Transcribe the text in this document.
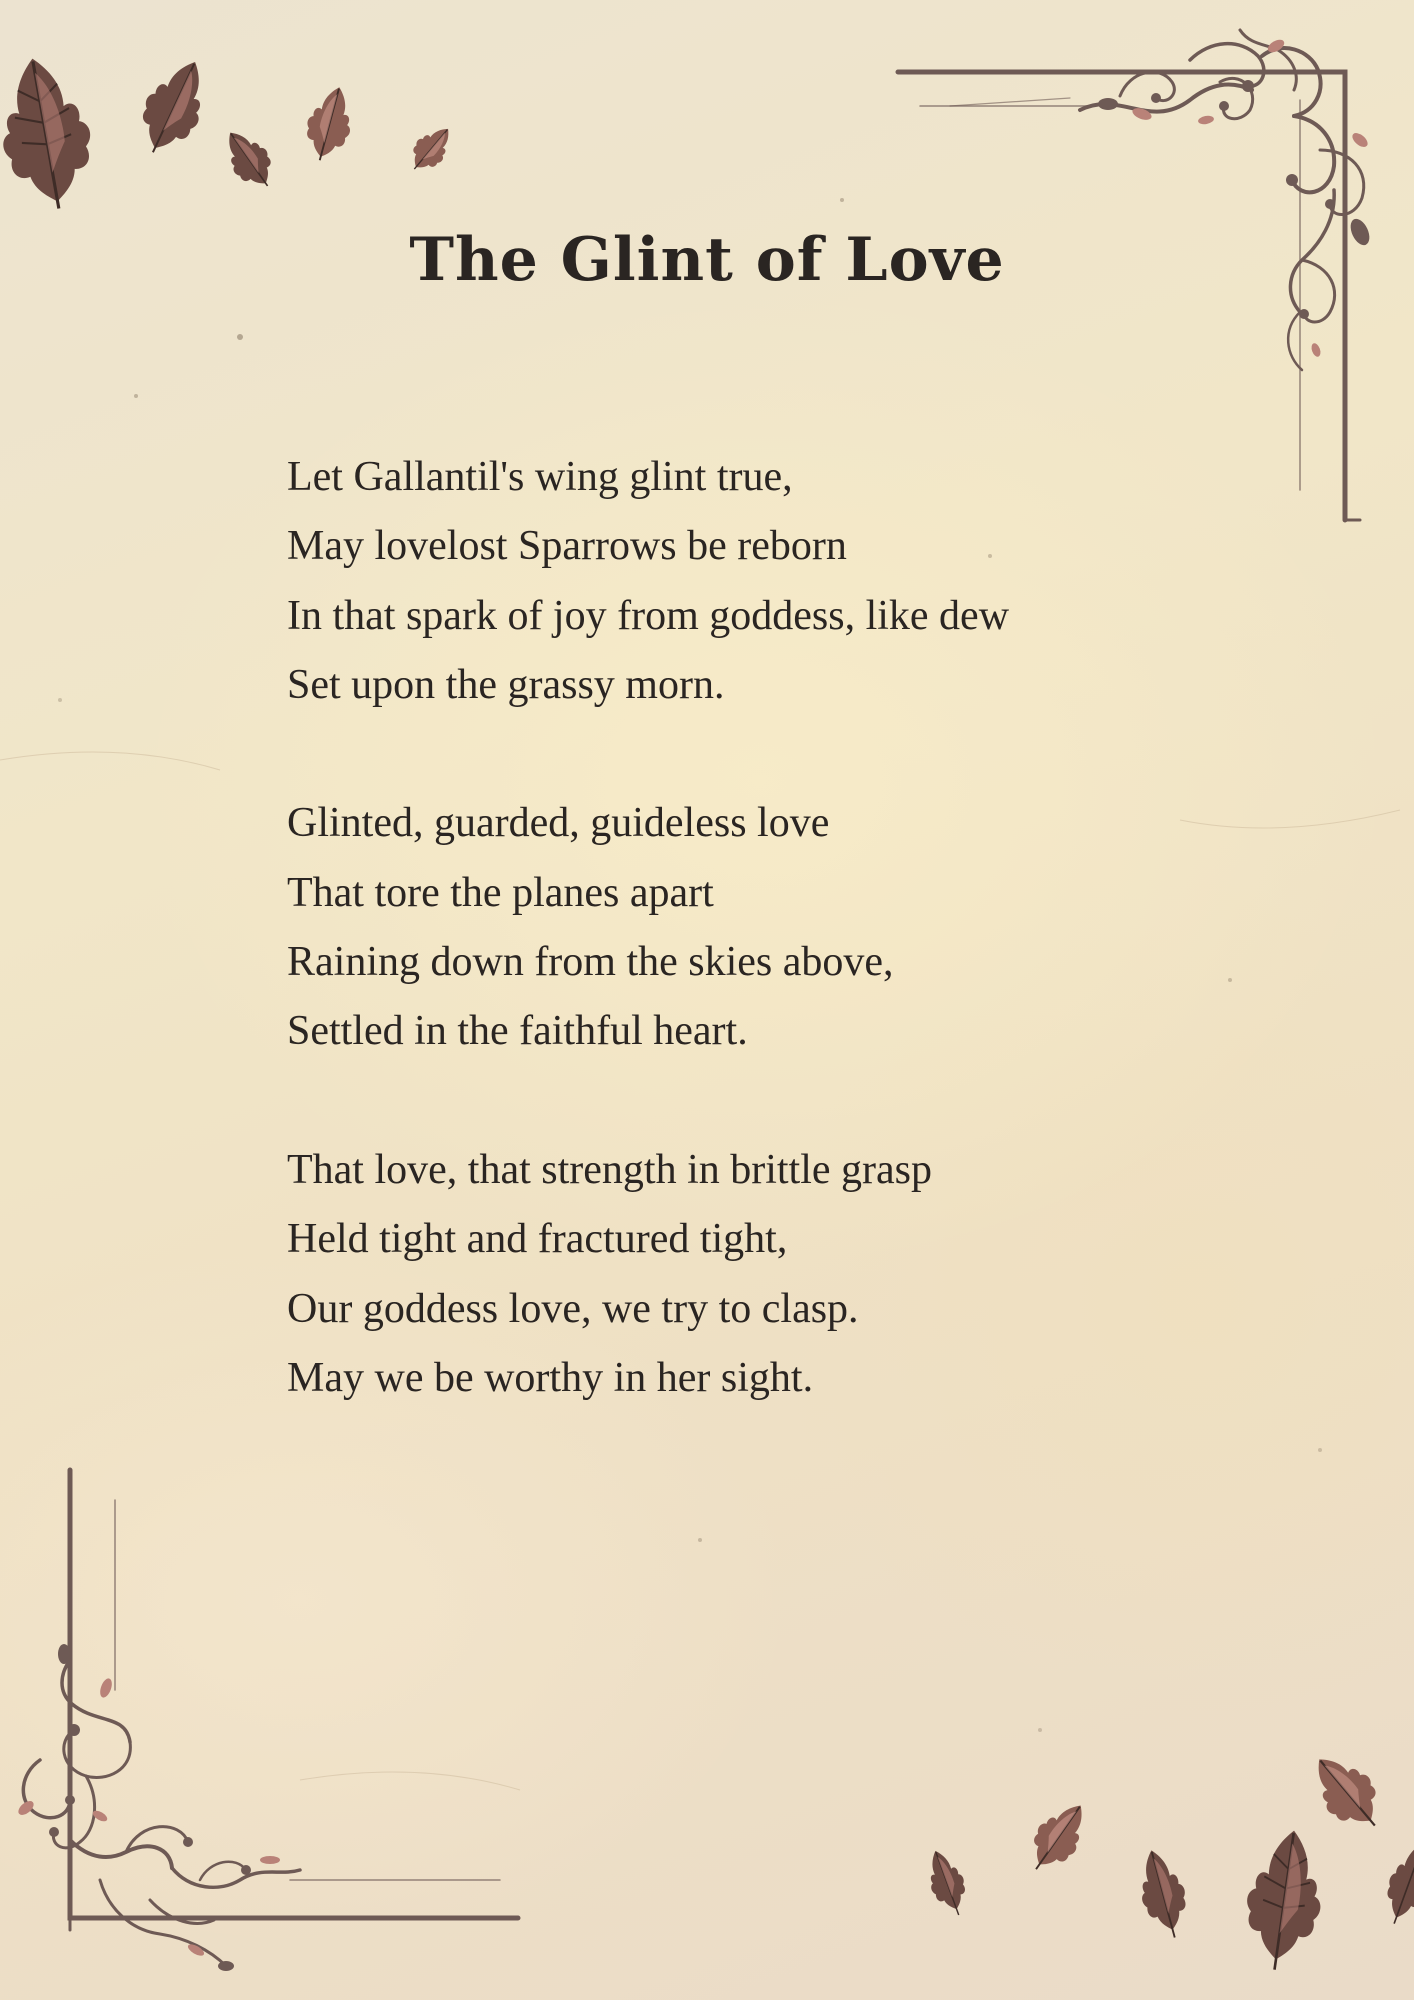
The Glint of Love
Let Gallantil's wing glint true,
May lovelost Sparrows be reborn
In that spark of joy from goddess, like dew
Set upon the grassy morn.
Glinted, guarded, guideless love
That tore the planes apart
Raining down from the skies above,
Settled in the faithful heart.
That love, that strength in brittle grasp
Held tight and fractured tight,
Our goddess love, we try to clasp.
May we be worthy in her sight.
